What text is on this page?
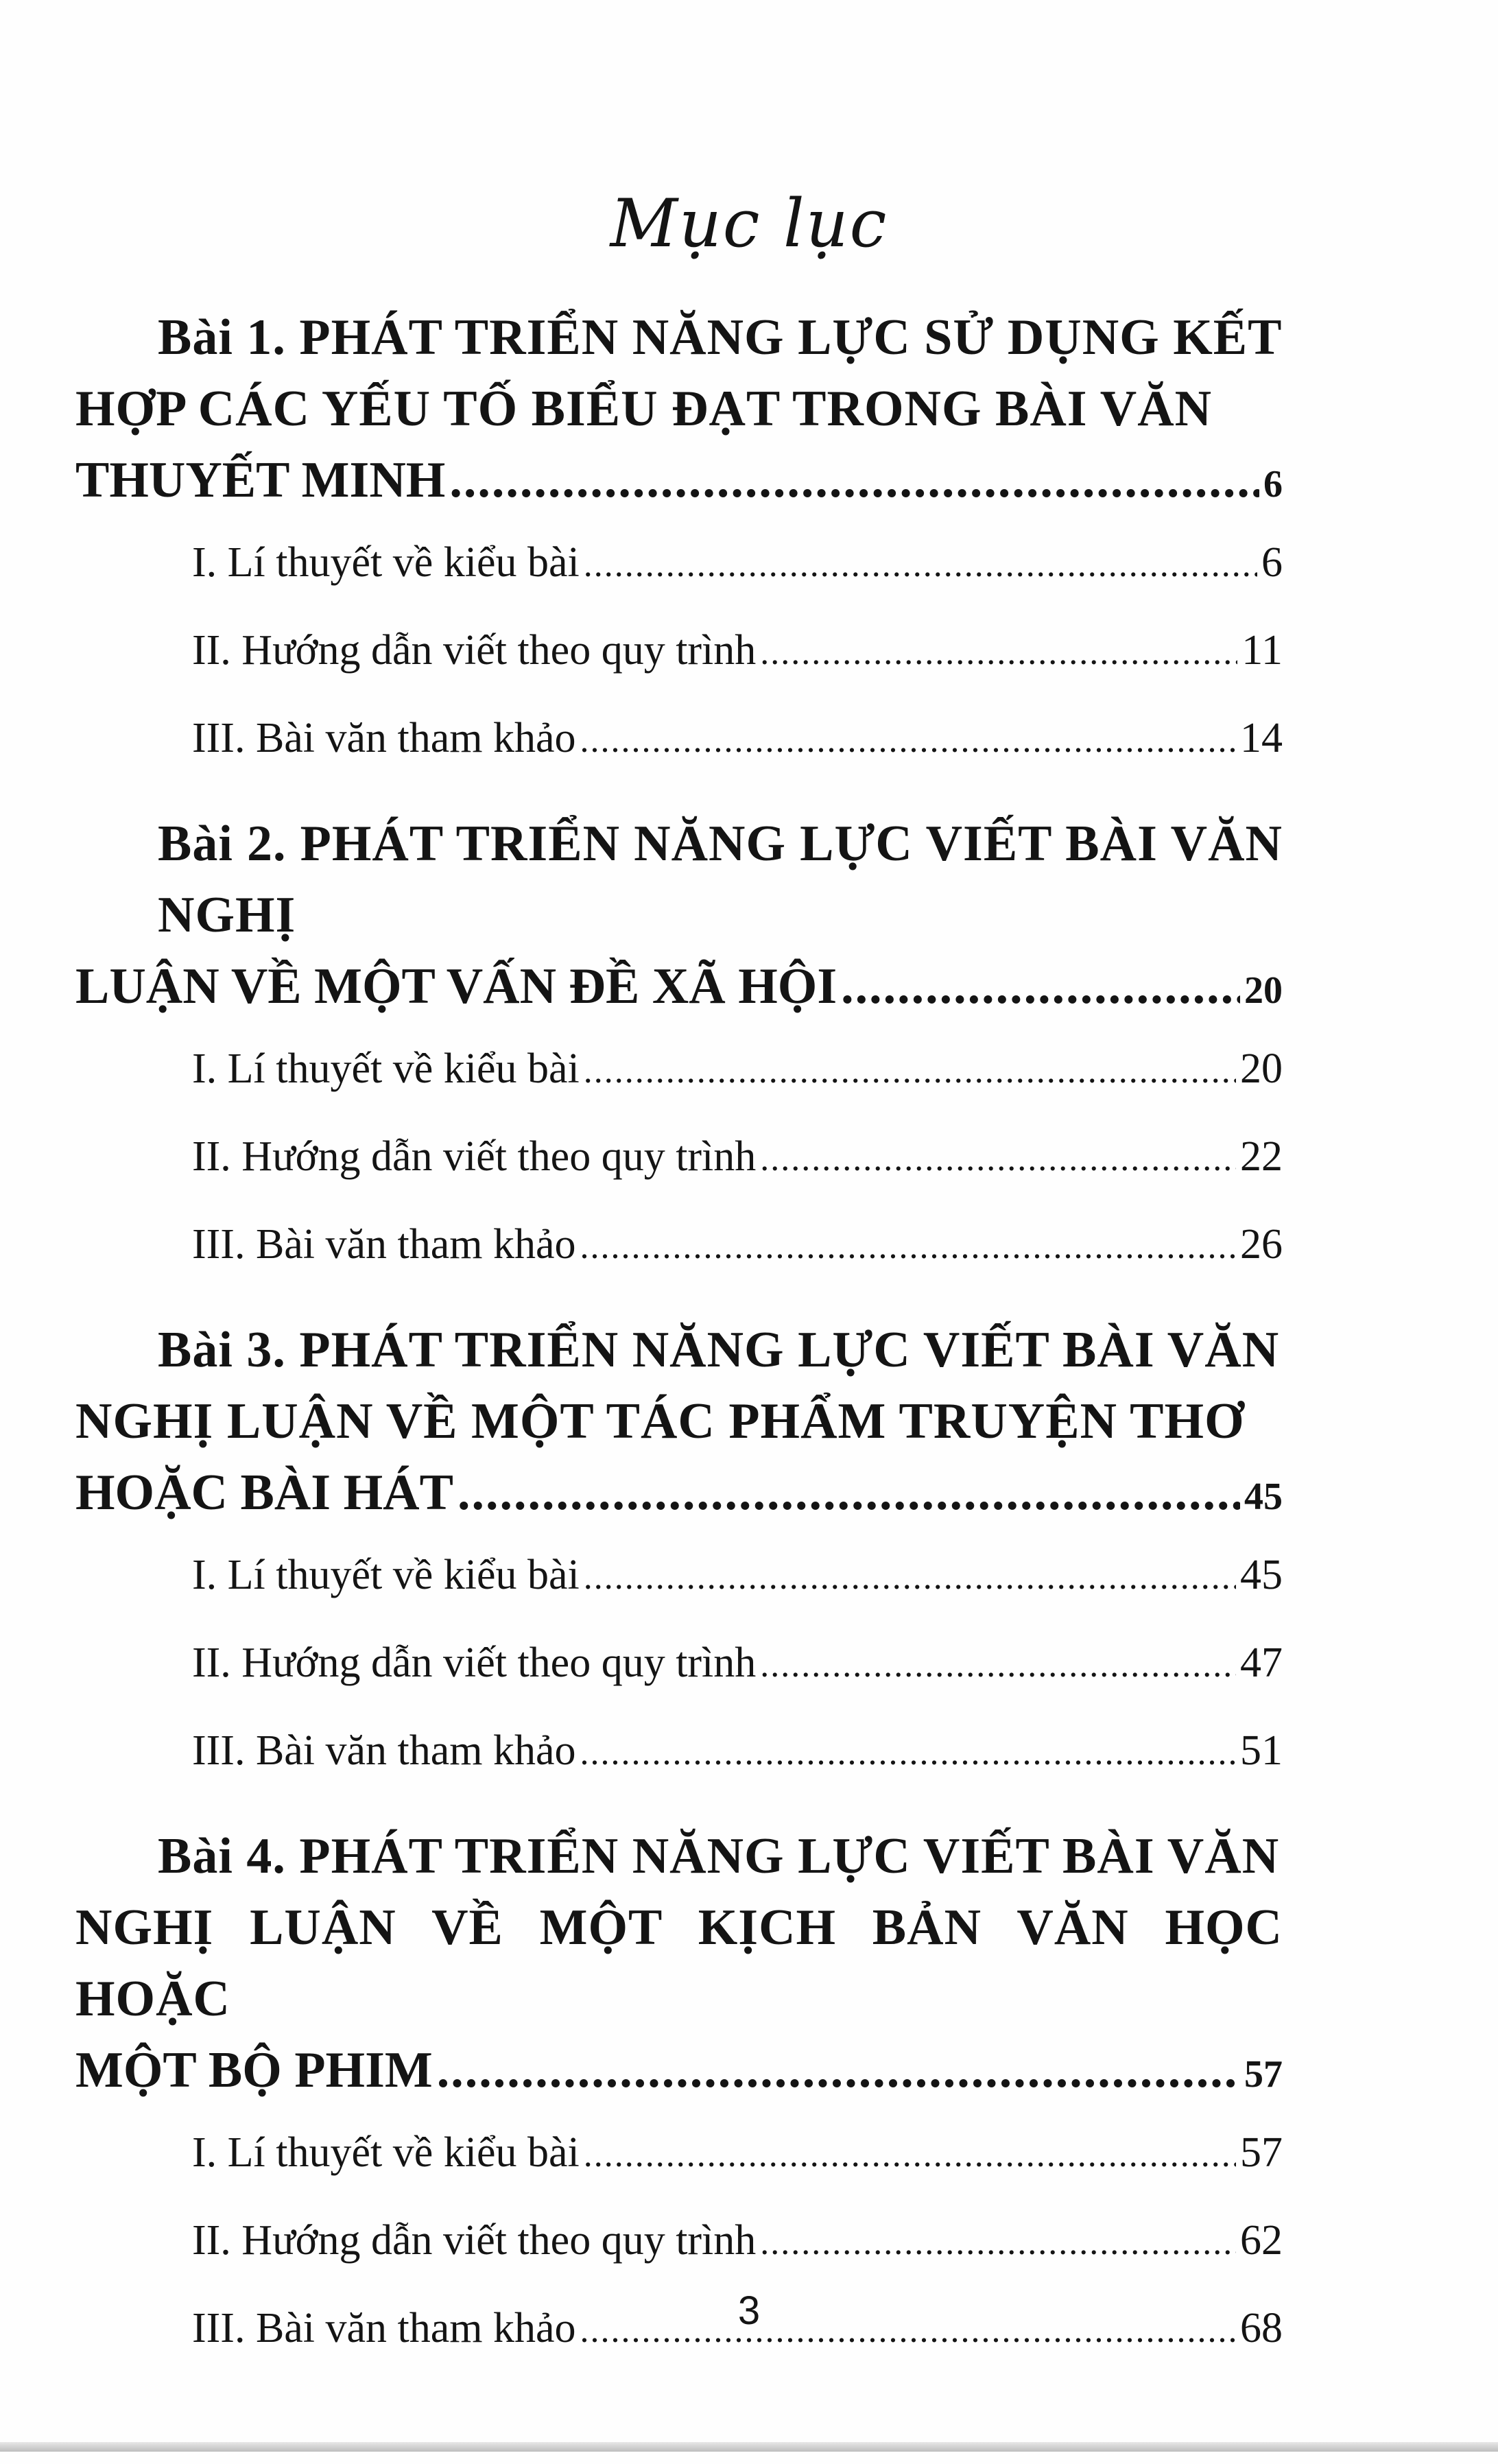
Mục lục
Bài 1. PHÁT TRIỂN NĂNG LỰC SỬ DỤNG KẾT
HỢP CÁC YẾU TỐ BIỂU ĐẠT TRONG BÀI VĂN
THUYẾT MINH .....	6
I. Lí thuyết về kiểu bài .....	6
II. Hướng dẫn viết theo quy trình .....	11
III. Bài văn tham khảo .....	14
Bài 2. PHÁT TRIỂN NĂNG LỰC VIẾT BÀI VĂN NGHỊ
LUẬN VỀ MỘT VẤN ĐỀ XÃ HỘI .....	20
I. Lí thuyết về kiểu bài .....	20
II. Hướng dẫn viết theo quy trình .....	22
III. Bài văn tham khảo .....	26
Bài 3. PHÁT TRIỂN NĂNG LỰC VIẾT BÀI VĂN
NGHỊ LUẬN VỀ MỘT TÁC PHẨM TRUYỆN THƠ
HOẶC BÀI HÁT .....	45
I. Lí thuyết về kiểu bài .....	45
II. Hướng dẫn viết theo quy trình .....	47
III. Bài văn tham khảo .....	51
Bài 4. PHÁT TRIỂN NĂNG LỰC VIẾT BÀI VĂN
NGHỊ LUẬN VỀ MỘT KỊCH BẢN VĂN HỌC HOẶC
MỘT BỘ PHIM .....	57
I. Lí thuyết về kiểu bài .....	57
II. Hướng dẫn viết theo quy trình .....	62
III. Bài văn tham khảo .....	68
3
